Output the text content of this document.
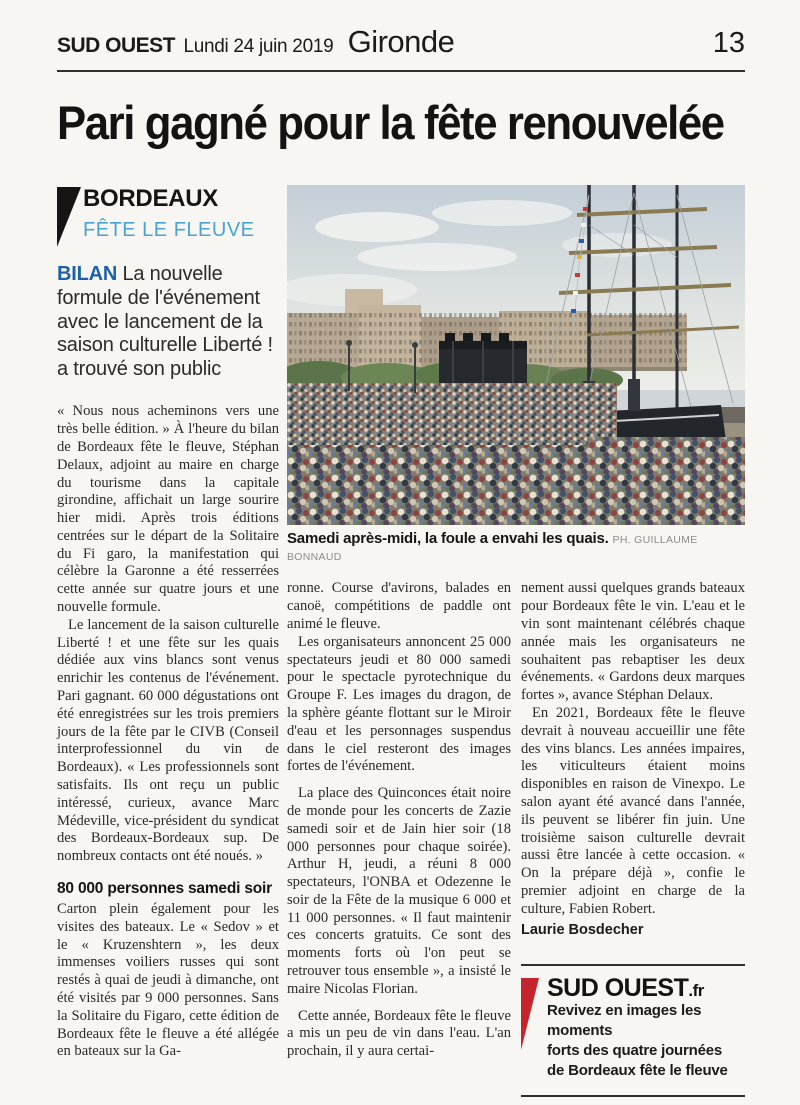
SUD OUEST Lundi 24 juin 2019 Gironde	13
Pari gagné pour la fête renouvelée
BORDEAUX
FÊTE LE FLEUVE

BILAN La nouvelle formule de l'événement avec le lancement de la saison culturelle Liberté ! a trouvé son public

« Nous nous acheminons vers une très belle édition. » À l'heure du bilan de Bordeaux fête le fleuve, Stéphan Delaux, adjoint au maire en charge du tourisme dans la capitale girondine, affichait un large sourire hier midi. Après trois éditions centrées sur le départ de la Solitaire du Fi garo, la manifestation qui célèbre la Garonne a été resserrées cette année sur quatre jours et une nouvelle formule.

Le lancement de la saison culturelle Liberté ! et une fête sur les quais dédiée aux vins blancs sont venus enrichir les contenus de l'événement. Pari gagnant. 60 000 dégustations ont été enregistrées sur les trois premiers jours de la fête par le CIVB (Conseil interprofessionnel du vin de Bordeaux). « Les professionnels sont satisfaits. Ils ont reçu un public intéressé, curieux, avance Marc Médeville, vice-président du syndicat des Bordeaux-Bordeaux sup. De nombreux contacts ont été noués. »

80 000 personnes samedi soir

Carton plein également pour les visites des bateaux. Le « Sedov » et le « Kruzenshtern », les deux immenses voiliers russes qui sont restés à quai de jeudi à dimanche, ont été visités par 9 000 personnes. Sans la Solitaire du Figaro, cette édition de Bordeaux fête le fleuve a été allégée en bateaux sur la Ga-

Samedi après-midi, la foule a envahi les quais. PH. GUILLAUME BONNAUD

ronne. Course d'avirons, balades en canoë, compétitions de paddle ont animé le fleuve.

Les organisateurs annoncent 25 000 spectateurs jeudi et 80 000 samedi pour le spectacle pyrotechnique du Groupe F. Les images du dragon, de la sphère géante flottant sur le Miroir d'eau et les personnages suspendus dans le ciel resteront des images fortes de l'événement.

La place des Quinconces était noire de monde pour les concerts de Zazie samedi soir et de Jain hier soir (18 000 personnes pour chaque soirée). Arthur H, jeudi, a réuni 8 000 spectateurs, l'ONBA et Odezenne le soir de la Fête de la musique 6 000 et 11 000 personnes. « Il faut maintenir ces concerts gratuits. Ce sont des moments forts où l'on peut se retrouver tous ensemble », a insisté le maire Nicolas Florian.

Cette année, Bordeaux fête le fleuve a mis un peu de vin dans l'eau. L'an prochain, il y aura certai-

nement aussi quelques grands bateaux pour Bordeaux fête le vin. L'eau et le vin sont maintenant célébrés chaque année mais les organisateurs ne souhaitent pas rebaptiser les deux événements. « Gardons deux marques fortes », avance Stéphan Delaux.

En 2021, Bordeaux fête le fleuve devrait à nouveau accueillir une fête des vins blancs. Les années impaires, les viticulteurs étaient moins disponibles en raison de Vinexpo. Le salon ayant été avancé dans l'année, ils peuvent se libérer fin juin. Une troisième saison culturelle devrait aussi être lancée à cette occasion. « On la prépare déjà », confie le premier adjoint en charge de la culture, Fabien Robert.

Laurie Bosdecher
SUD OUEST.fr
Revivez en images les moments
forts des quatre journées
de Bordeaux fête le fleuve
